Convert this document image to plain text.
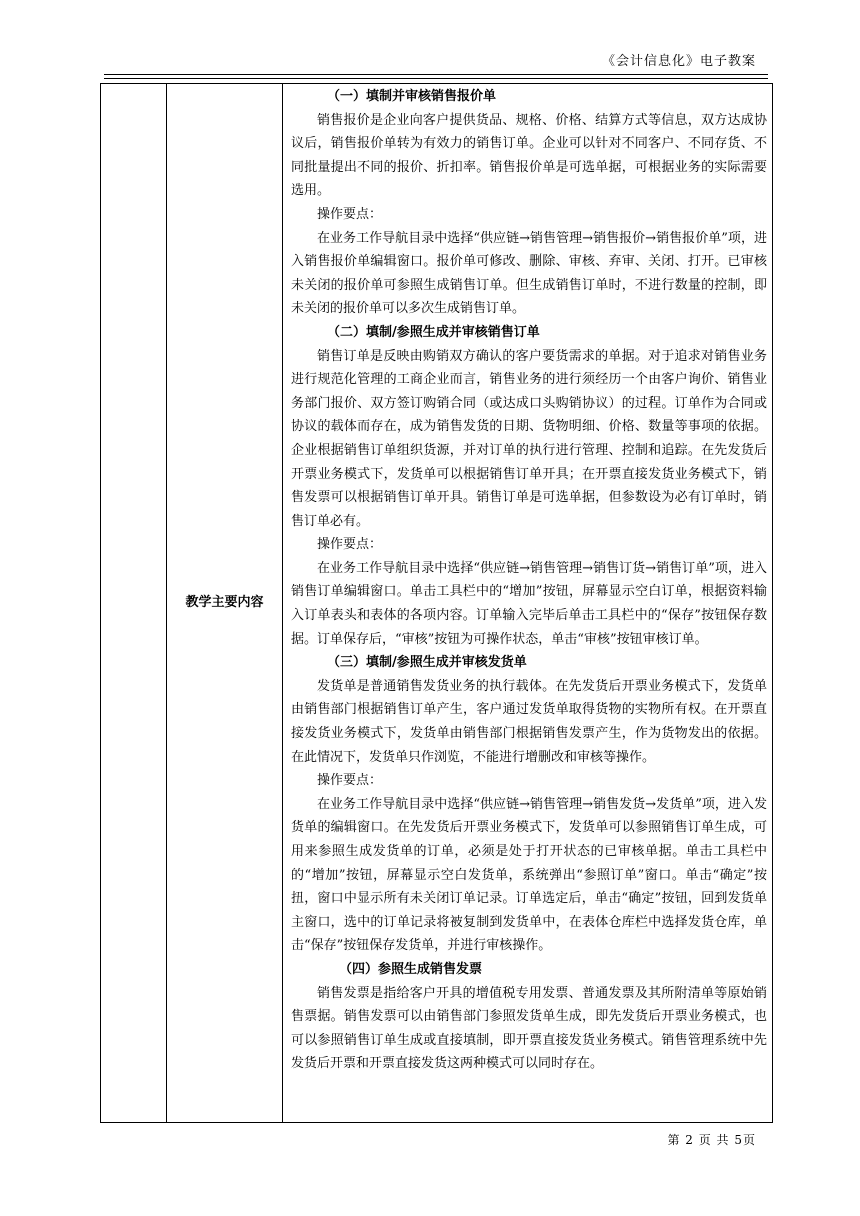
《会计信息化》电子教案
教学主要内容

（一）填制并审核销售报价单

销售报价是企业向客户提供货品、规格、价格、结算方式等信息，双方达成协议后，销售报价单转为有效力的销售订单。企业可以针对不同客户、不同存货、不同批量提出不同的报价、折扣率。销售报价单是可选单据，可根据业务的实际需要选用。

操作要点：

在业务工作导航目录中选择“供应链→销售管理→销售报价→销售报价单”项，进入销售报价单编辑窗口。报价单可修改、删除、审核、弃审、关闭、打开。已审核未关闭的报价单可参照生成销售订单。但生成销售订单时，不进行数量的控制，即未关闭的报价单可以多次生成销售订单。

（二）填制/参照生成并审核销售订单

销售订单是反映由购销双方确认的客户要货需求的单据。对于追求对销售业务进行规范化管理的工商企业而言，销售业务的进行须经历一个由客户询价、销售业务部门报价、双方签订购销合同（或达成口头购销协议）的过程。订单作为合同或协议的载体而存在，成为销售发货的日期、货物明细、价格、数量等事项的依据。企业根据销售订单组织货源，并对订单的执行进行管理、控制和追踪。在先发货后开票业务模式下，发货单可以根据销售订单开具；在开票直接发货业务模式下，销售发票可以根据销售订单开具。销售订单是可选单据，但参数设为必有订单时，销售订单必有。

操作要点：

在业务工作导航目录中选择“供应链→销售管理→销售订货→销售订单”项，进入销售订单编辑窗口。单击工具栏中的“增加”按钮，屏幕显示空白订单，根据资料输入订单表头和表体的各项内容。订单输入完毕后单击工具栏中的“保存”按钮保存数据。订单保存后，“审核”按钮为可操作状态，单击“审核”按钮审核订单。

（三）填制/参照生成并审核发货单

发货单是普通销售发货业务的执行载体。在先发货后开票业务模式下，发货单由销售部门根据销售订单产生，客户通过发货单取得货物的实物所有权。在开票直接发货业务模式下，发货单由销售部门根据销售发票产生，作为货物发出的依据。在此情况下，发货单只作浏览，不能进行增删改和审核等操作。

操作要点：

在业务工作导航目录中选择“供应链→销售管理→销售发货→发货单”项，进入发货单的编辑窗口。在先发货后开票业务模式下，发货单可以参照销售订单生成，可用来参照生成发货单的订单，必须是处于打开状态的已审核单据。单击工具栏中的“增加”按钮，屏幕显示空白发货单，系统弹出“参照订单”窗口。单击“确定”按扭，窗口中显示所有未关闭订单记录。订单选定后，单击“确定”按钮，回到发货单主窗口，选中的订单记录将被复制到发货单中，在表体仓库栏中选择发货仓库，单击“保存”按钮保存发货单，并进行审核操作。

（四）参照生成销售发票

销售发票是指给客户开具的增值税专用发票、普通发票及其所附清单等原始销售票据。销售发票可以由销售部门参照发货单生成，即先发货后开票业务模式，也可以参照销售订单生成或直接填制，即开票直接发货业务模式。销售管理系统中先发货后开票和开票直接发货这两种模式可以同时存在。

第 2 页 共 5页
